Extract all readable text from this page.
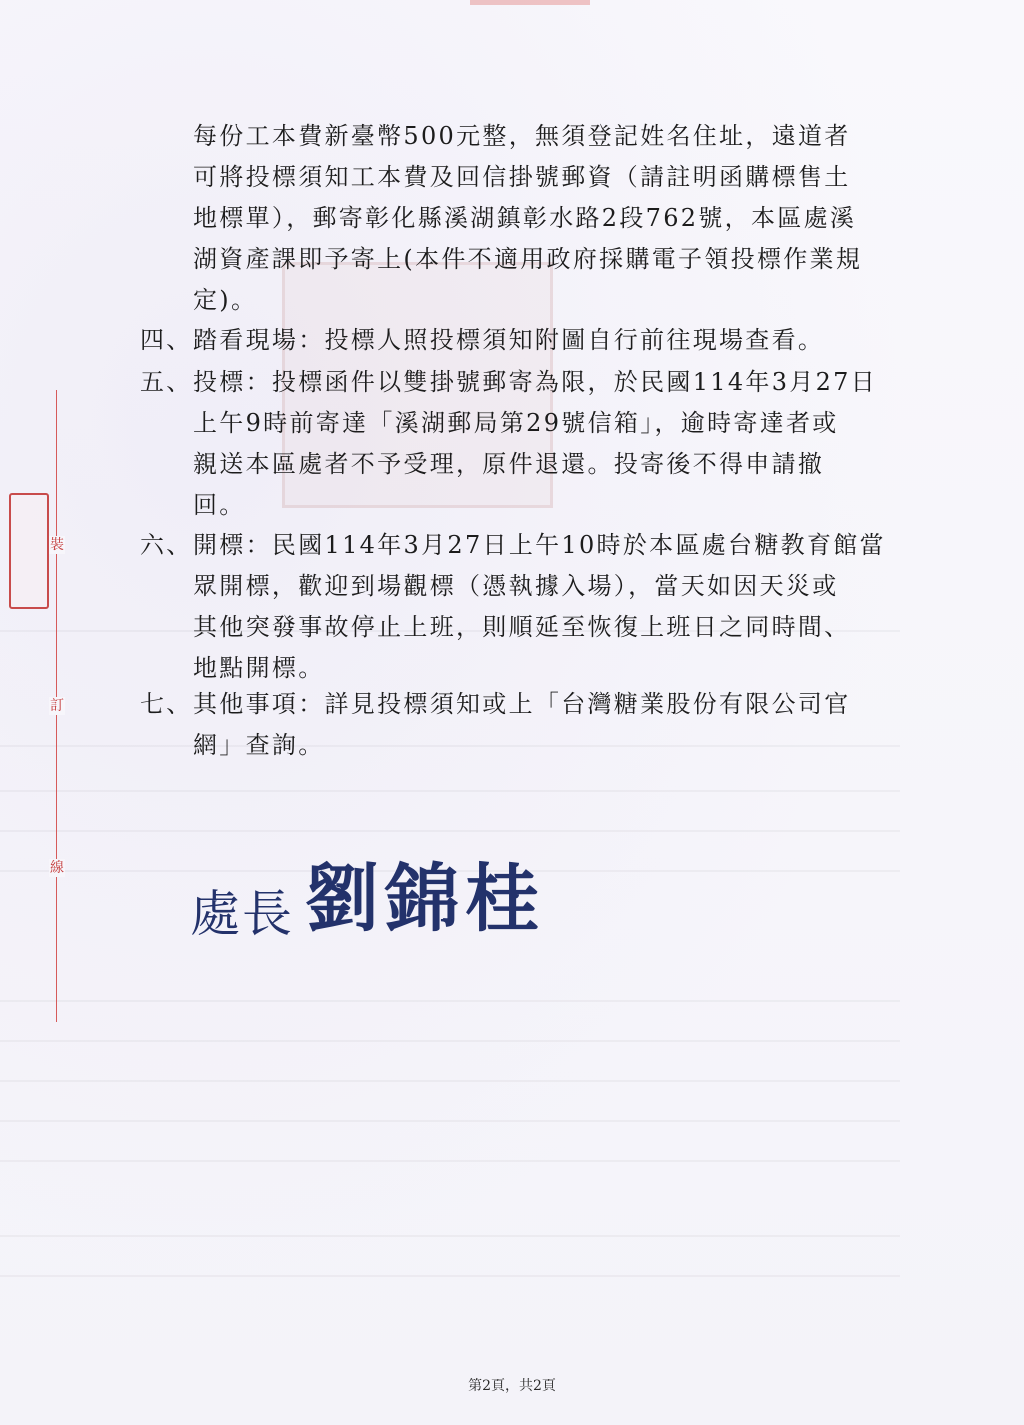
裝
訂
線
每份工本費新臺幣500元整，無須登記姓名住址，遠道者
可將投標須知工本費及回信掛號郵資（請註明函購標售土
地標單），郵寄彰化縣溪湖鎮彰水路2段762號，本區處溪
湖資產課即予寄上(本件不適用政府採購電子領投標作業規
定)。
四、 踏看現場：投標人照投標須知附圖自行前往現場查看。
五、 投標：投標函件以雙掛號郵寄為限，於民國114年3月27日
上午9時前寄達「溪湖郵局第29號信箱」，逾時寄達者或
親送本區處者不予受理，原件退還。投寄後不得申請撤
回。
六、 開標：民國114年3月27日上午10時於本區處台糖教育館當
眾開標，歡迎到場觀標（憑執據入場），當天如因天災或
其他突發事故停止上班，則順延至恢復上班日之同時間、
地點開標。
七、 其他事項：詳見投標須知或上「台灣糖業股份有限公司官
網」查詢。
處長 劉錦桂
第2頁，共2頁
